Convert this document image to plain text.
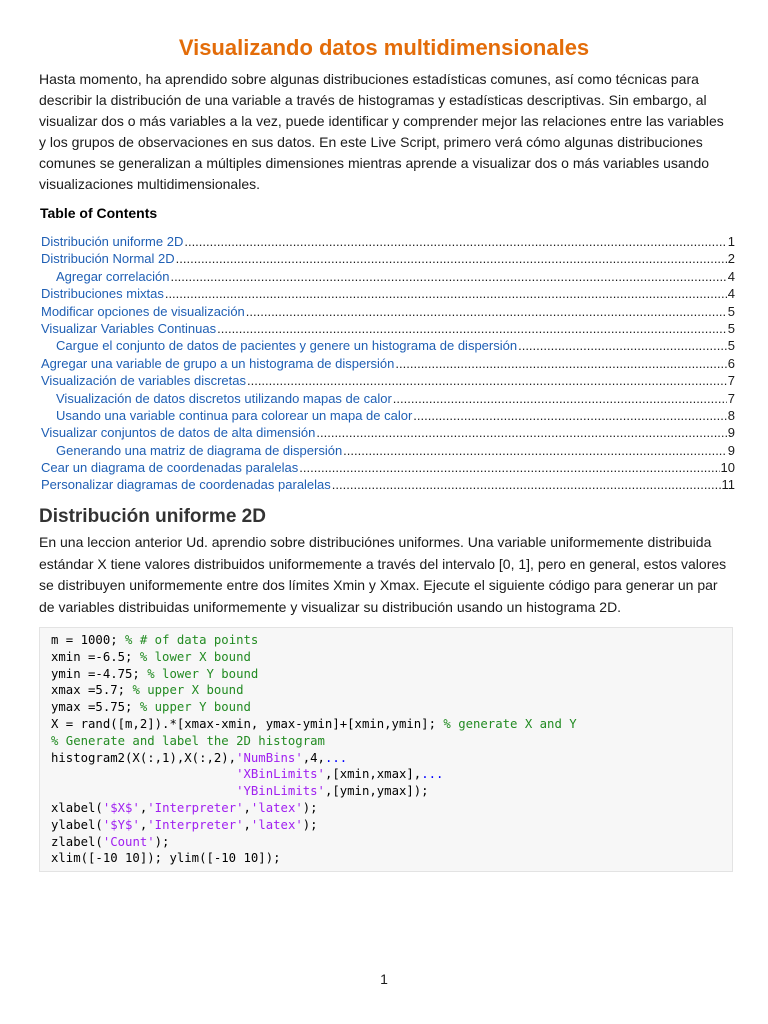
Visualizando datos multidimensionales
Hasta momento, ha aprendido sobre algunas distribuciones estadísticas comunes, así como técnicas para describir la distribución de una variable a través de histogramas y estadísticas descriptivas. Sin embargo, al visualizar dos o más variables a la vez, puede identificar y comprender mejor las relaciones entre las variables y los grupos de observaciones en sus datos. En este Live Script, primero verá cómo algunas distribuciones comunes se generalizan a múltiples dimensiones mientras aprende a visualizar dos o más variables usando visualizaciones multidimensionales.
Table of Contents
Distribución uniforme 2D .....	1
Distribución Normal 2D .....	2
Agregar correlación .....	4
Distribuciones mixtas .....	4
Modificar opciones de visualización .....	5
Visualizar Variables Continuas .....	5
Cargue el conjunto de datos de pacientes y genere un histograma de dispersión .....	5
Agregar una variable de grupo a un histograma de dispersión .....	6
Visualización de variables discretas .....	7
Visualización de datos discretos utilizando mapas de calor .....	7
Usando una variable continua para colorear un mapa de calor .....	8
Visualizar conjuntos de datos de alta dimensión .....	9
Generando una matriz de diagrama de dispersión .....	9
Cear un diagrama de coordenadas paralelas .....	10
Personalizar diagramas de coordenadas paralelas .....	11
Distribución uniforme 2D
En una leccion anterior Ud. aprendio sobre distribuciónes uniformes. Una variable uniformemente distribuida estándar X tiene valores distribuidos uniformemente a través del intervalo [0, 1], pero en general, estos valores se distribuyen uniformemente entre dos límites Xmin y Xmax. Ejecute el siguiente código para generar un par de variables distribuidas uniformemente y visualizar su distribución usando un histograma 2D.
m = 1000; % # of data points
xmin =-6.5; % lower X bound
ymin =-4.75; % lower Y bound
xmax =5.7; % upper X bound
ymax =5.75; % upper Y bound
X = rand([m,2]).*[xmax-xmin, ymax-ymin]+[xmin,ymin]; % generate X and Y
% Generate and label the 2D histogram
histogram2(X(:,1),X(:,2),'NumBins',4,...
'XBinLimits',[xmin,xmax],...
'YBinLimits',[ymin,ymax]);
xlabel('$X$','Interpreter','latex');
ylabel('$Y$','Interpreter','latex');
zlabel('Count');
xlim([-10 10]); ylim([-10 10]);
1
